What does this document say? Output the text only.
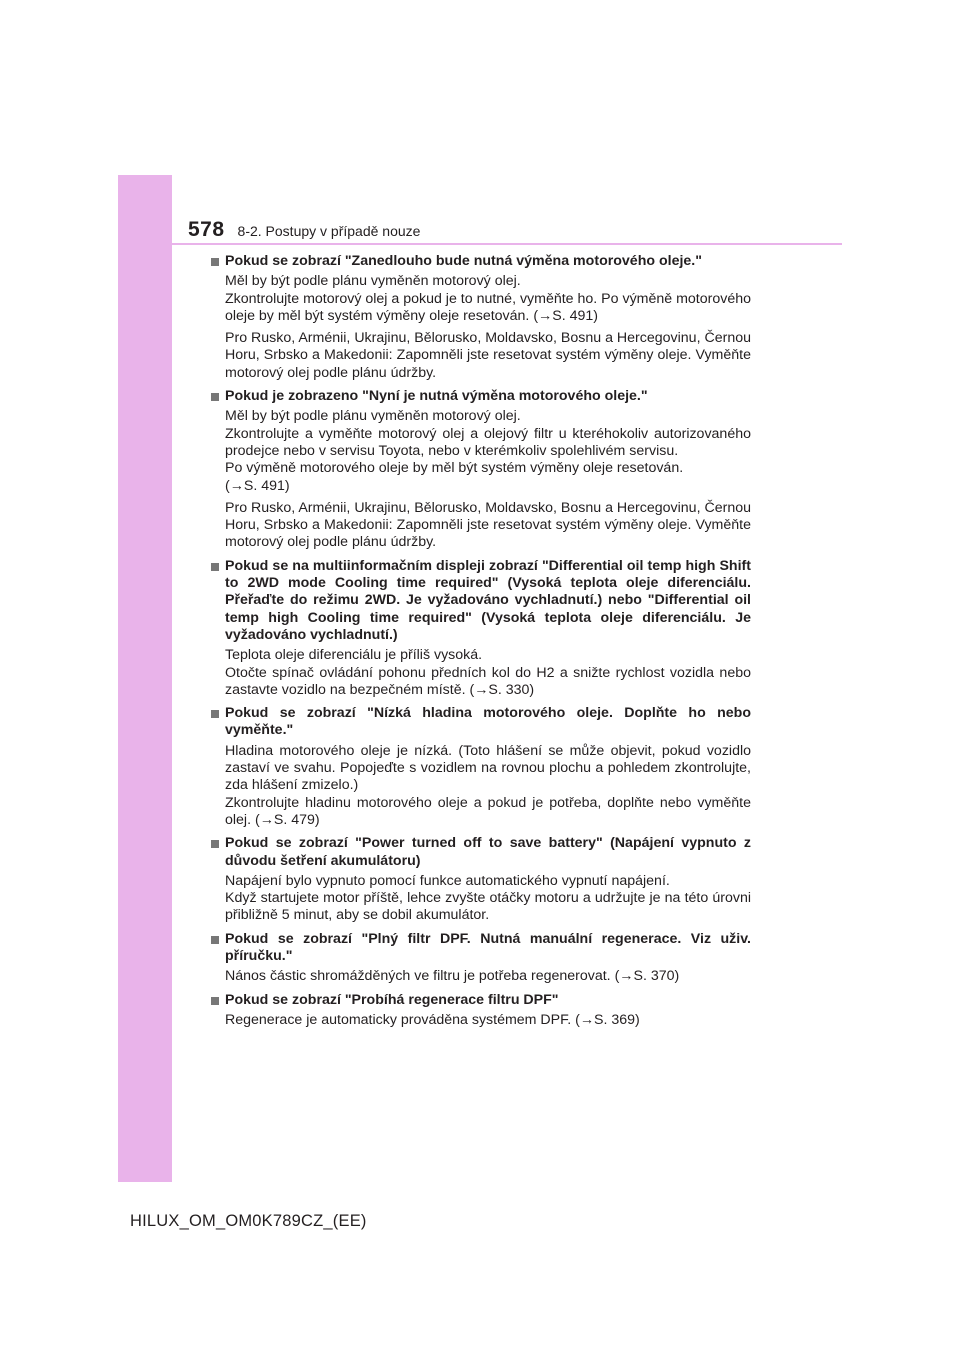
578 8-2. Postupy v případě nouze
Pokud se zobrazí "Zanedlouho bude nutná výměna motorového oleje."
Měl by být podle plánu vyměněn motorový olej.
Zkontrolujte motorový olej a pokud je to nutné, vyměňte ho. Po výměně motorového oleje by měl být systém výměny oleje resetován. (→S. 491)
Pro Rusko, Arménii, Ukrajinu, Bělorusko, Moldavsko, Bosnu a Hercegovinu, Černou Horu, Srbsko a Makedonii: Zapomněli jste resetovat systém výměny oleje. Vyměňte motorový olej podle plánu údržby.
Pokud je zobrazeno "Nyní je nutná výměna motorového oleje."
Měl by být podle plánu vyměněn motorový olej.
Zkontrolujte a vyměňte motorový olej a olejový filtr u kteréhokoliv autorizovaného prodejce nebo v servisu Toyota, nebo v kterémkoliv spolehlivém servisu.
Po výměně motorového oleje by měl být systém výměny oleje resetován.
(→S. 491)
Pro Rusko, Arménii, Ukrajinu, Bělorusko, Moldavsko, Bosnu a Hercegovinu, Černou Horu, Srbsko a Makedonii: Zapomněli jste resetovat systém výměny oleje. Vyměňte motorový olej podle plánu údržby.
Pokud se na multiinformačním displeji zobrazí "Differential oil temp high Shift to 2WD mode Cooling time required" (Vysoká teplota oleje diferenciálu. Přeřaďte do režimu 2WD. Je vyžadováno vychladnutí.) nebo "Differential oil temp high Cooling time required" (Vysoká teplota oleje diferenciálu. Je vyžadováno vychladnutí.)
Teplota oleje diferenciálu je příliš vysoká.
Otočte spínač ovládání pohonu předních kol do H2 a snižte rychlost vozidla nebo zastavte vozidlo na bezpečném místě. (→S. 330)
Pokud se zobrazí "Nízká hladina motorového oleje. Doplňte ho nebo vyměňte."
Hladina motorového oleje je nízká. (Toto hlášení se může objevit, pokud vozidlo zastaví ve svahu. Popojeďte s vozidlem na rovnou plochu a pohledem zkontrolujte, zda hlášení zmizelo.)
Zkontrolujte hladinu motorového oleje a pokud je potřeba, doplňte nebo vyměňte olej. (→S. 479)
Pokud se zobrazí "Power turned off to save battery" (Napájení vypnuto z důvodu šetření akumulátoru)
Napájení bylo vypnuto pomocí funkce automatického vypnutí napájení.
Když startujete motor příště, lehce zvyšte otáčky motoru a udržujte je na této úrovni přibližně 5 minut, aby se dobil akumulátor.
Pokud se zobrazí "Plný filtr DPF. Nutná manuální regenerace. Viz uživ. příručku."
Nános částic shromážděných ve filtru je potřeba regenerovat. (→S. 370)
Pokud se zobrazí "Probíhá regenerace filtru DPF"
Regenerace je automaticky prováděna systémem DPF. (→S. 369)
HILUX_OM_OM0K789CZ_(EE)
